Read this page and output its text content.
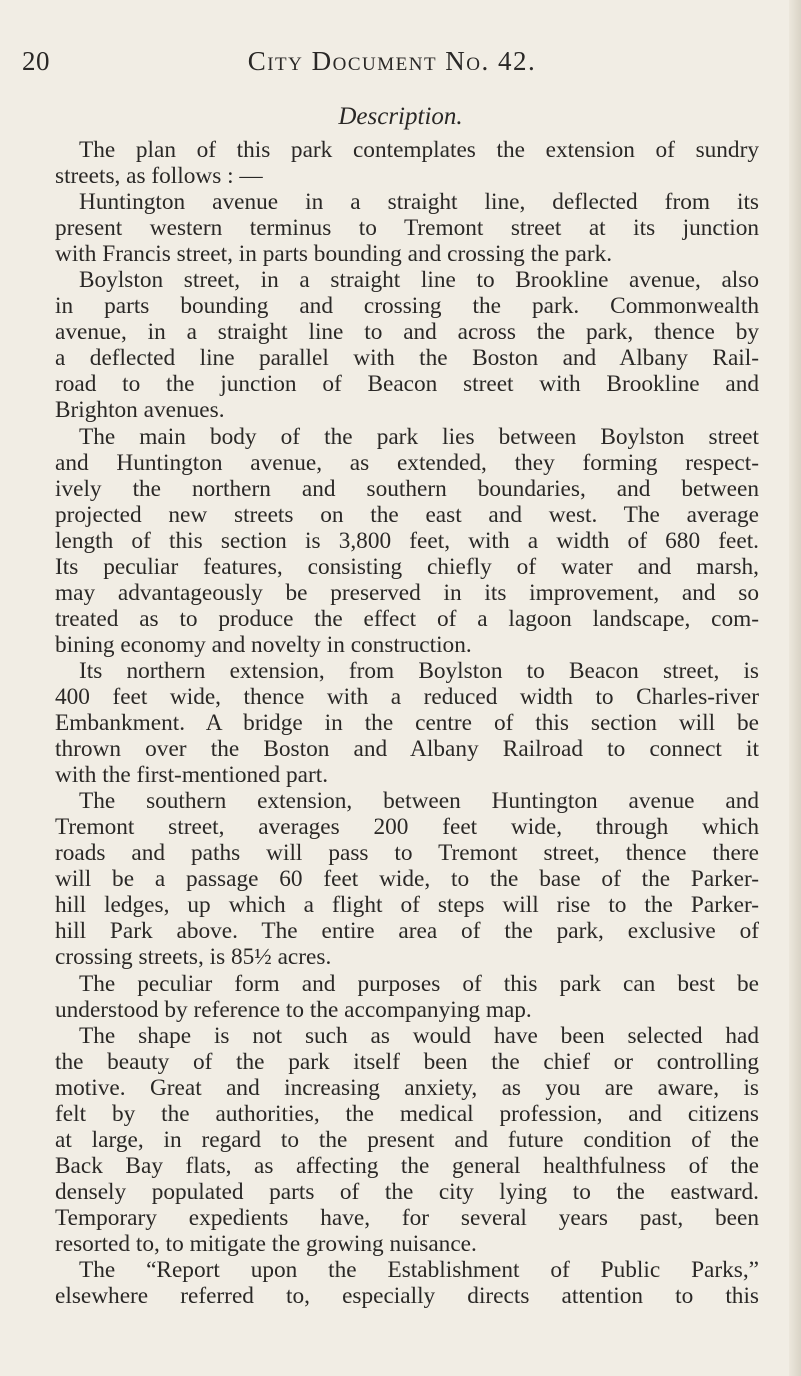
City Document No. 42.
20
Description.
The plan of this park contemplates the extension of sundry
streets, as follows : —
Huntington avenue in a straight line, deflected from its
present western terminus to Tremont street at its junction
with Francis street, in parts bounding and crossing the park.
Boylston street, in a straight line to Brookline avenue, also
in parts bounding and crossing the park. Commonwealth
avenue, in a straight line to and across the park, thence by
a deflected line parallel with the Boston and Albany Rail-
road to the junction of Beacon street with Brookline and
Brighton avenues.
The main body of the park lies between Boylston street
and Huntington avenue, as extended, they forming respect-
ively the northern and southern boundaries, and between
projected new streets on the east and west. The average
length of this section is 3,800 feet, with a width of 680 feet.
Its peculiar features, consisting chiefly of water and marsh,
may advantageously be preserved in its improvement, and so
treated as to produce the effect of a lagoon landscape, com-
bining economy and novelty in construction.
Its northern extension, from Boylston to Beacon street, is
400 feet wide, thence with a reduced width to Charles-river
Embankment. A bridge in the centre of this section will be
thrown over the Boston and Albany Railroad to connect it
with the first-mentioned part.
The southern extension, between Huntington avenue and
Tremont street, averages 200 feet wide, through which
roads and paths will pass to Tremont street, thence there
will be a passage 60 feet wide, to the base of the Parker-
hill ledges, up which a flight of steps will rise to the Parker-
hill Park above. The entire area of the park, exclusive of
crossing streets, is 85½ acres.
The peculiar form and purposes of this park can best be
understood by reference to the accompanying map.
The shape is not such as would have been selected had
the beauty of the park itself been the chief or controlling
motive. Great and increasing anxiety, as you are aware, is
felt by the authorities, the medical profession, and citizens
at large, in regard to the present and future condition of the
Back Bay flats, as affecting the general healthfulness of the
densely populated parts of the city lying to the eastward.
Temporary expedients have, for several years past, been
resorted to, to mitigate the growing nuisance.
The “Report upon the Establishment of Public Parks,”
elsewhere referred to, especially directs attention to this
